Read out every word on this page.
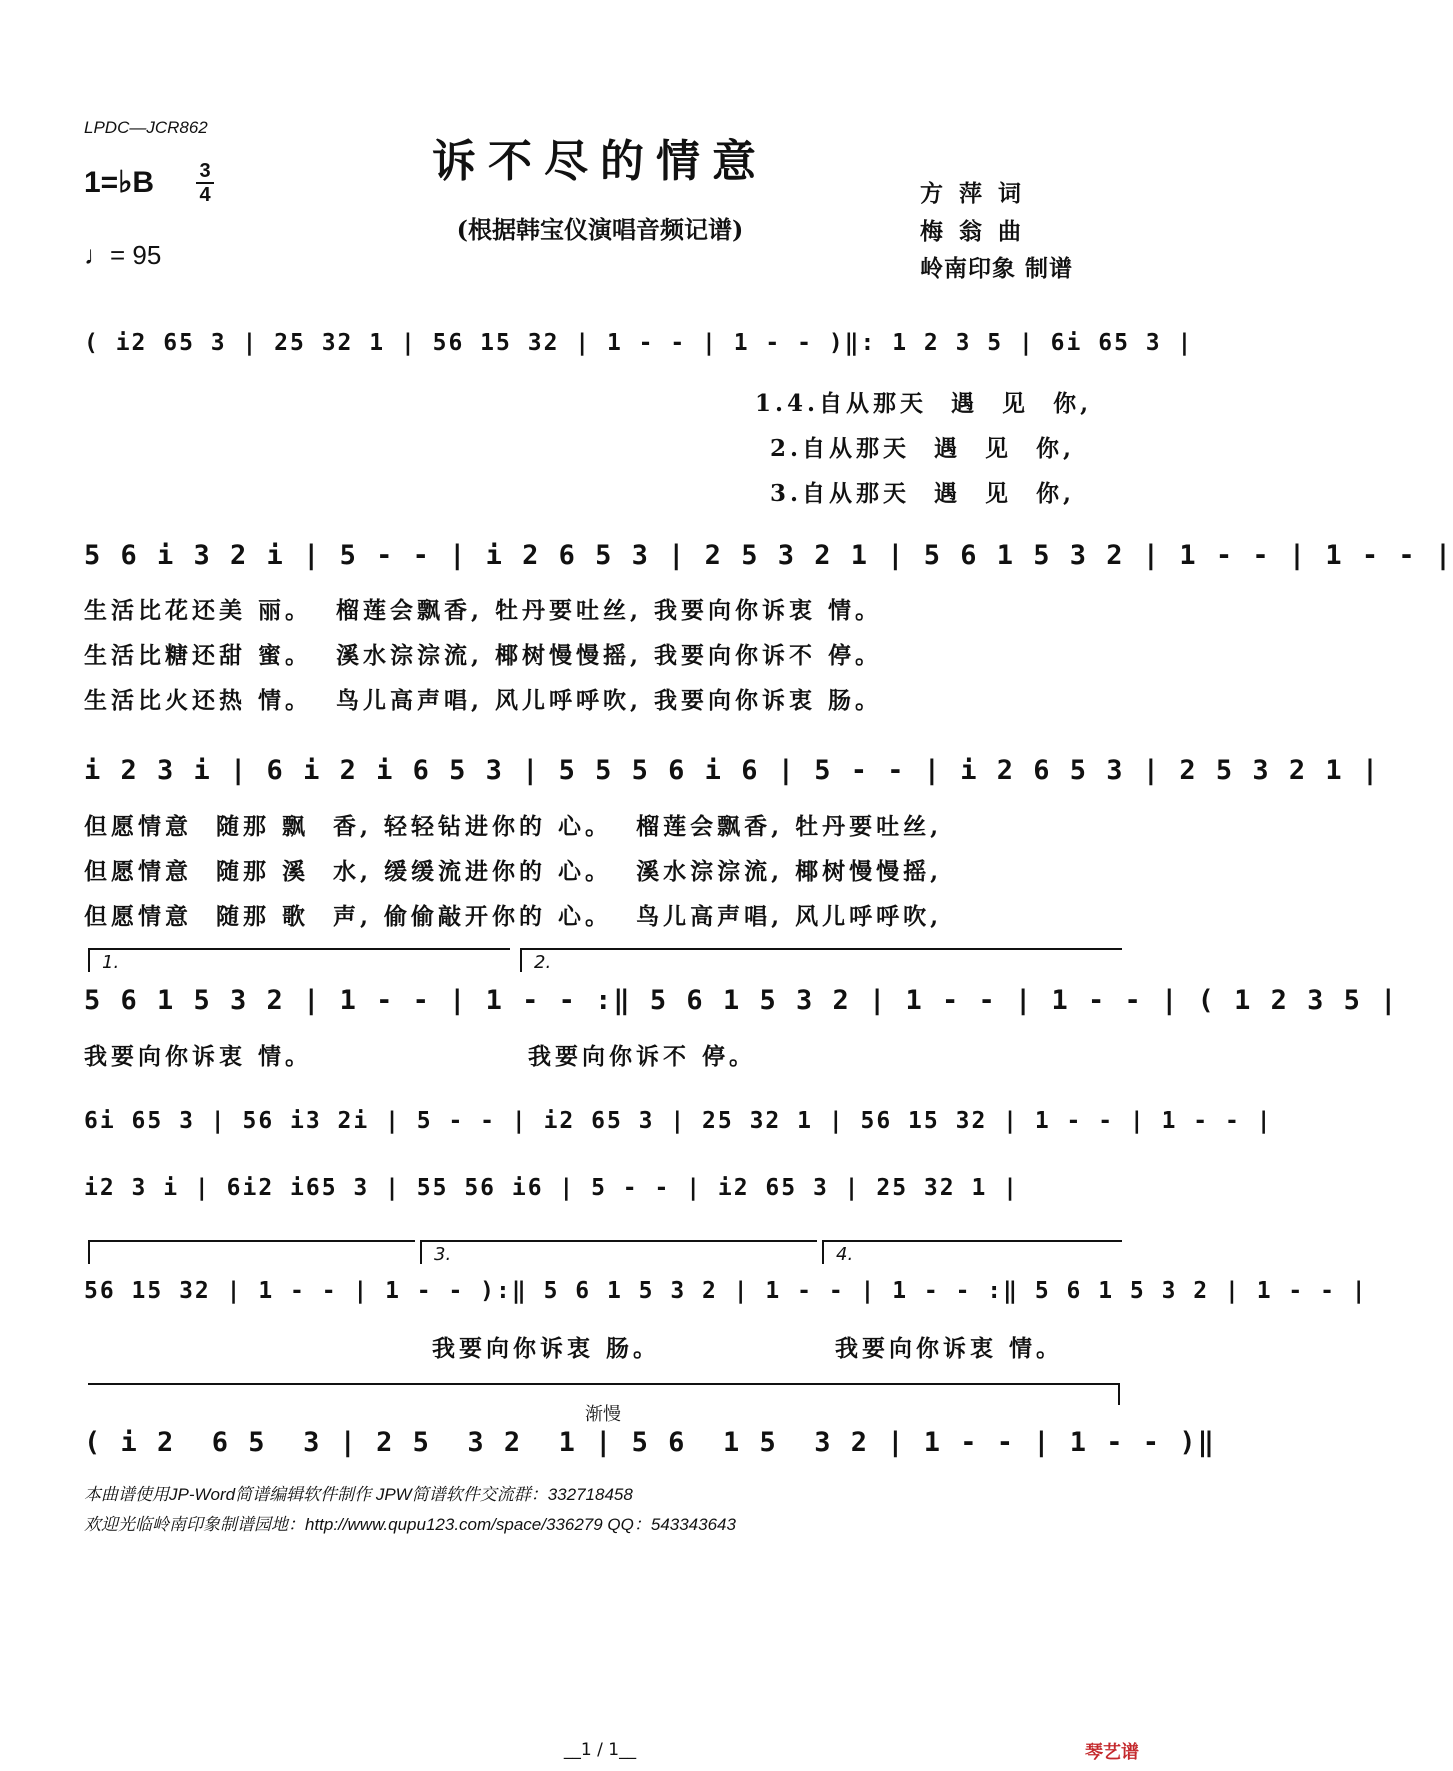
LPDC—JCR862
诉不尽的情意
(根据韩宝仪演唱音频记谱)
1=♭B 3
4
♩= 95
方 萍 词
梅 翁 曲
岭南印象 制谱
( i2 65 3 | 25 32 1 | 56 15 32 | 1 - - | 1 - - )‖: 1 2 3 5 | 6i 65 3 |
1.4.自从那天  遇  见  你,
2.自从那天  遇  见  你,
3.自从那天  遇  见  你,
5 6 i 3 2 i | 5 - - | i 2 6 5 3 | 2 5 3 2 1 | 5 6 1 5 3 2 | 1 - - | 1 - - |
生活比花还美 丽。  榴莲会飘香, 牡丹要吐丝, 我要向你诉衷 情。
生活比糖还甜 蜜。  溪水淙淙流, 椰树慢慢摇, 我要向你诉不 停。
生活比火还热 情。  鸟儿高声唱, 风儿呼呼吹, 我要向你诉衷 肠。
i 2 3 i | 6 i 2 i 6 5 3 | 5 5 5 6 i 6 | 5 - - | i 2 6 5 3 | 2 5 3 2 1 |
但愿情意  随那 飘  香, 轻轻钻进你的 心。  榴莲会飘香, 牡丹要吐丝,
但愿情意  随那 溪  水, 缓缓流进你的 心。  溪水淙淙流, 椰树慢慢摇,
但愿情意  随那 歌  声, 偷偷敲开你的 心。  鸟儿高声唱, 风儿呼呼吹,
1.	2.
5 6 1 5 3 2 | 1 - - | 1 - - :‖ 5 6 1 5 3 2 | 1 - - | 1 - - | ( 1 2 3 5 |
我要向你诉衷 情。	我要向你诉不 停。
6i 65 3 | 56 i3 2i | 5 - - | i2 65 3 | 25 32 1 | 56 15 32 | 1 - - | 1 - - |
i2 3 i | 6i2 i65 3 | 55 56 i6 | 5 - - | i2 65 3 | 25 32 1 |
3.	4.
56 15 32 | 1 - - | 1 - - ):‖ 5 6 1 5 3 2 | 1 - - | 1 - - :‖ 5 6 1 5 3 2 | 1 - - |
我要向你诉衷 肠。	我要向你诉衷 情。
渐慢
( i 2  6 5  3 | 2 5  3 2  1 | 5 6  1 5  3 2 | 1 - - | 1 - - )‖
本曲谱使用JP-Word简谱编辑软件制作 JPW简谱软件交流群：332718458
欢迎光临岭南印象制谱园地：http://www.qupu123.com/space/336279 QQ：543343643
__1 / 1__	琴艺谱
